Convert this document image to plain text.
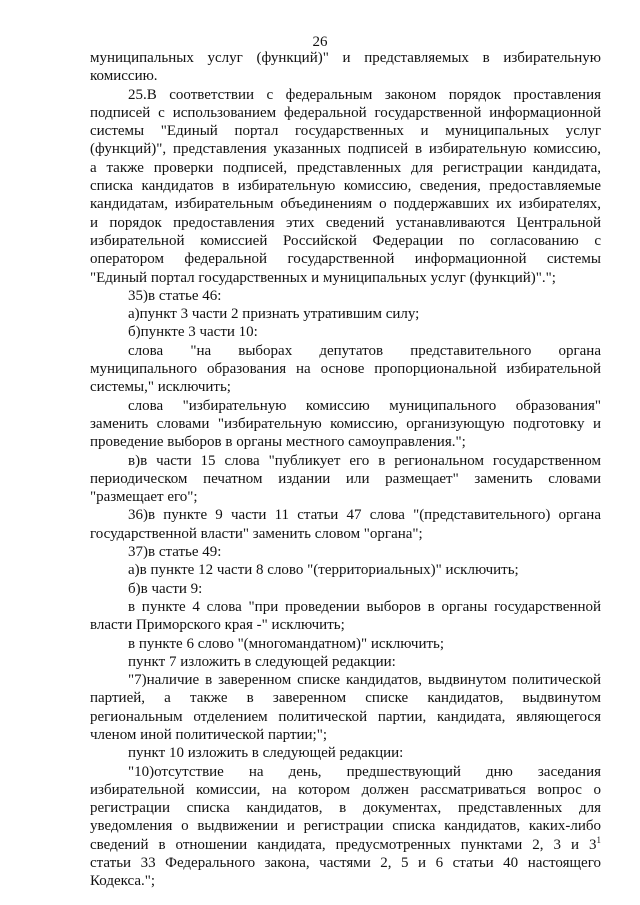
26
муниципальных услуг (функций)" и представляемых в избирательную
комиссию.
25.В соответствии с федеральным законом порядок проставления
подписей с использованием федеральной государственной информационной
системы "Единый портал государственных и муниципальных услуг
(функций)", представления указанных подписей в избирательную комиссию,
а также проверки подписей, представленных для регистрации кандидата,
списка кандидатов в избирательную комиссию, сведения, предоставляемые
кандидатам, избирательным объединениям о поддержавших их избирателях,
и порядок предоставления этих сведений устанавливаются Центральной
избирательной комиссией Российской Федерации по согласованию с
оператором федеральной государственной информационной системы
"Единый портал государственных и муниципальных услуг (функций)".";
35)в статье 46:
а)пункт 3 части 2 признать утратившим силу;
б)пункте 3 части 10:
слова "на выборах депутатов представительного органа
муниципального образования на основе пропорциональной избирательной
системы," исключить;
слова "избирательную комиссию муниципального образования"
заменить словами "избирательную комиссию, организующую подготовку и
проведение выборов в органы местного самоуправления.";
в)в части 15 слова "публикует его в региональном государственном
периодическом печатном издании или размещает" заменить словами
"размещает его";
36)в пункте 9 части 11 статьи 47 слова "(представительного) органа
государственной власти" заменить словом "органа";
37)в статье 49:
а)в пункте 12 части 8 слово "(территориальных)" исключить;
б)в части 9:
в пункте 4 слова "при проведении выборов в органы государственной
власти Приморского края -" исключить;
в пункте 6 слово "(многомандатном)" исключить;
пункт 7 изложить в следующей редакции:
"7)наличие в заверенном списке кандидатов, выдвинутом политической
партией, а также в заверенном списке кандидатов, выдвинутом
региональным отделением политической партии, кандидата, являющегося
членом иной политической партии;";
пункт 10 изложить в следующей редакции:
"10)отсутствие на день, предшествующий дню заседания
избирательной комиссии, на котором должен рассматриваться вопрос о
регистрации списка кандидатов, в документах, представленных для
уведомления о выдвижении и регистрации списка кандидатов, каких-либо
сведений в отношении кандидата, предусмотренных пунктами 2, 3 и $3^1$
статьи 33 Федерального закона, частями 2, 5 и 6 статьи 40 настоящего
Кодекса.";
